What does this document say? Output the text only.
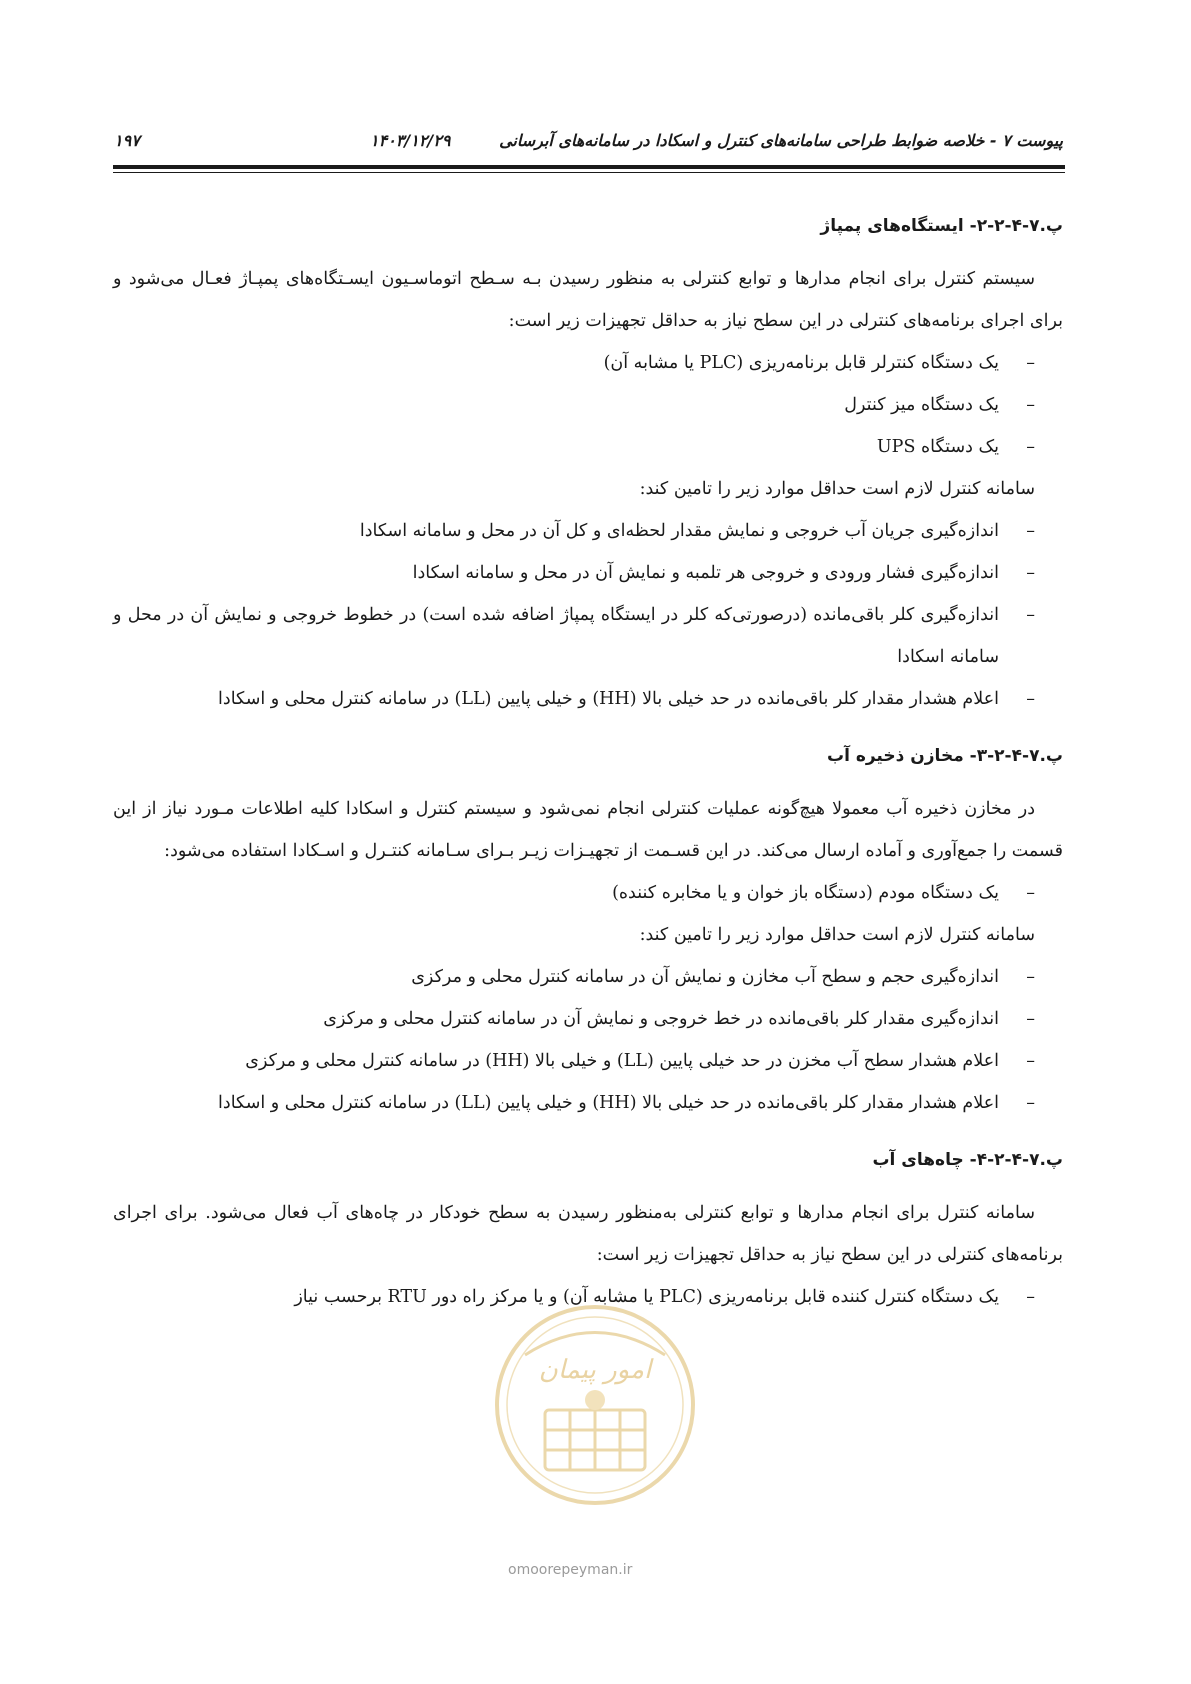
پیوست ۷ - خلاصه ضوابط طراحی سامانه‌های کنترل و اسکادا در سامانه‌های آبرسانی
۱۴۰۳/۱۲/۲۹
۱۹۷
پ.۷-۴-۲-۲- ایستگاه‌های پمپاژ

سیستم کنترل برای انجام مدارها و توابع کنترلی به منظور رسیدن بـه سـطح اتوماسـیون ایسـتگاه‌های پمپـاژ فعـال می‌شود و برای اجرای برنامه‌های کنترلی در این سطح نیاز به حداقل تجهیزات زیر است:

– یک دستگاه کنترلر قابل برنامه‌ریزی (PLC یا مشابه آن)
– یک دستگاه میز کنترل
– یک دستگاه UPS

سامانه کنترل لازم است حداقل موارد زیر را تامین کند:

– اندازه‌گیری جریان آب خروجی و نمایش مقدار لحظه‌ای و کل آن در محل و سامانه اسکادا
– اندازه‌گیری فشار ورودی و خروجی هر تلمبه و نمایش آن در محل و سامانه اسکادا
– اندازه‌گیری کلر باقی‌مانده (درصورتی‌که کلر در ایستگاه پمپاژ اضافه شده است) در خطوط خروجی و نمایش آن در محل و سامانه اسکادا
– اعلام هشدار مقدار کلر باقی‌مانده در حد خیلی بالا (HH) و خیلی پایین (LL) در سامانه کنترل محلی و اسکادا
پ.۷-۴-۲-۳- مخازن ذخیره آب

در مخازن ذخیره آب معمولا هیچ‌گونه عملیات کنترلی انجام نمی‌شود و سیستم کنترل و اسکادا کلیه اطلاعات مـورد نیاز از این قسمت را جمع‌آوری و آماده ارسال می‌کند. در این قسـمت از تجهیـزات زیـر بـرای سـامانه کنتـرل و اسـکادا استفاده می‌شود:

– یک دستگاه مودم (دستگاه باز خوان و یا مخابره کننده)

سامانه کنترل لازم است حداقل موارد زیر را تامین کند:

– اندازه‌گیری حجم و سطح آب مخازن و نمایش آن در سامانه کنترل محلی و مرکزی
– اندازه‌گیری مقدار کلر باقی‌مانده در خط خروجی و نمایش آن در سامانه کنترل محلی و مرکزی
– اعلام هشدار سطح آب مخزن در حد خیلی پایین (LL) و خیلی بالا (HH) در سامانه کنترل محلی و مرکزی
– اعلام هشدار مقدار کلر باقی‌مانده در حد خیلی بالا (HH) و خیلی پایین (LL) در سامانه کنترل محلی و اسکادا
پ.۷-۴-۲-۴- چاه‌های آب

سامانه کنترل برای انجام مدارها و توابع کنترلی به‌منظور رسیدن به سطح خودکار در چاه‌های آب فعال می‌شود. برای اجرای برنامه‌های کنترلی در این سطح نیاز به حداقل تجهیزات زیر است:

– یک دستگاه کنترل کننده قابل برنامه‌ریزی (PLC یا مشابه آن) و یا مرکز راه دور RTU برحسب نیاز
امور پیمان
omoorepeyman.ir
